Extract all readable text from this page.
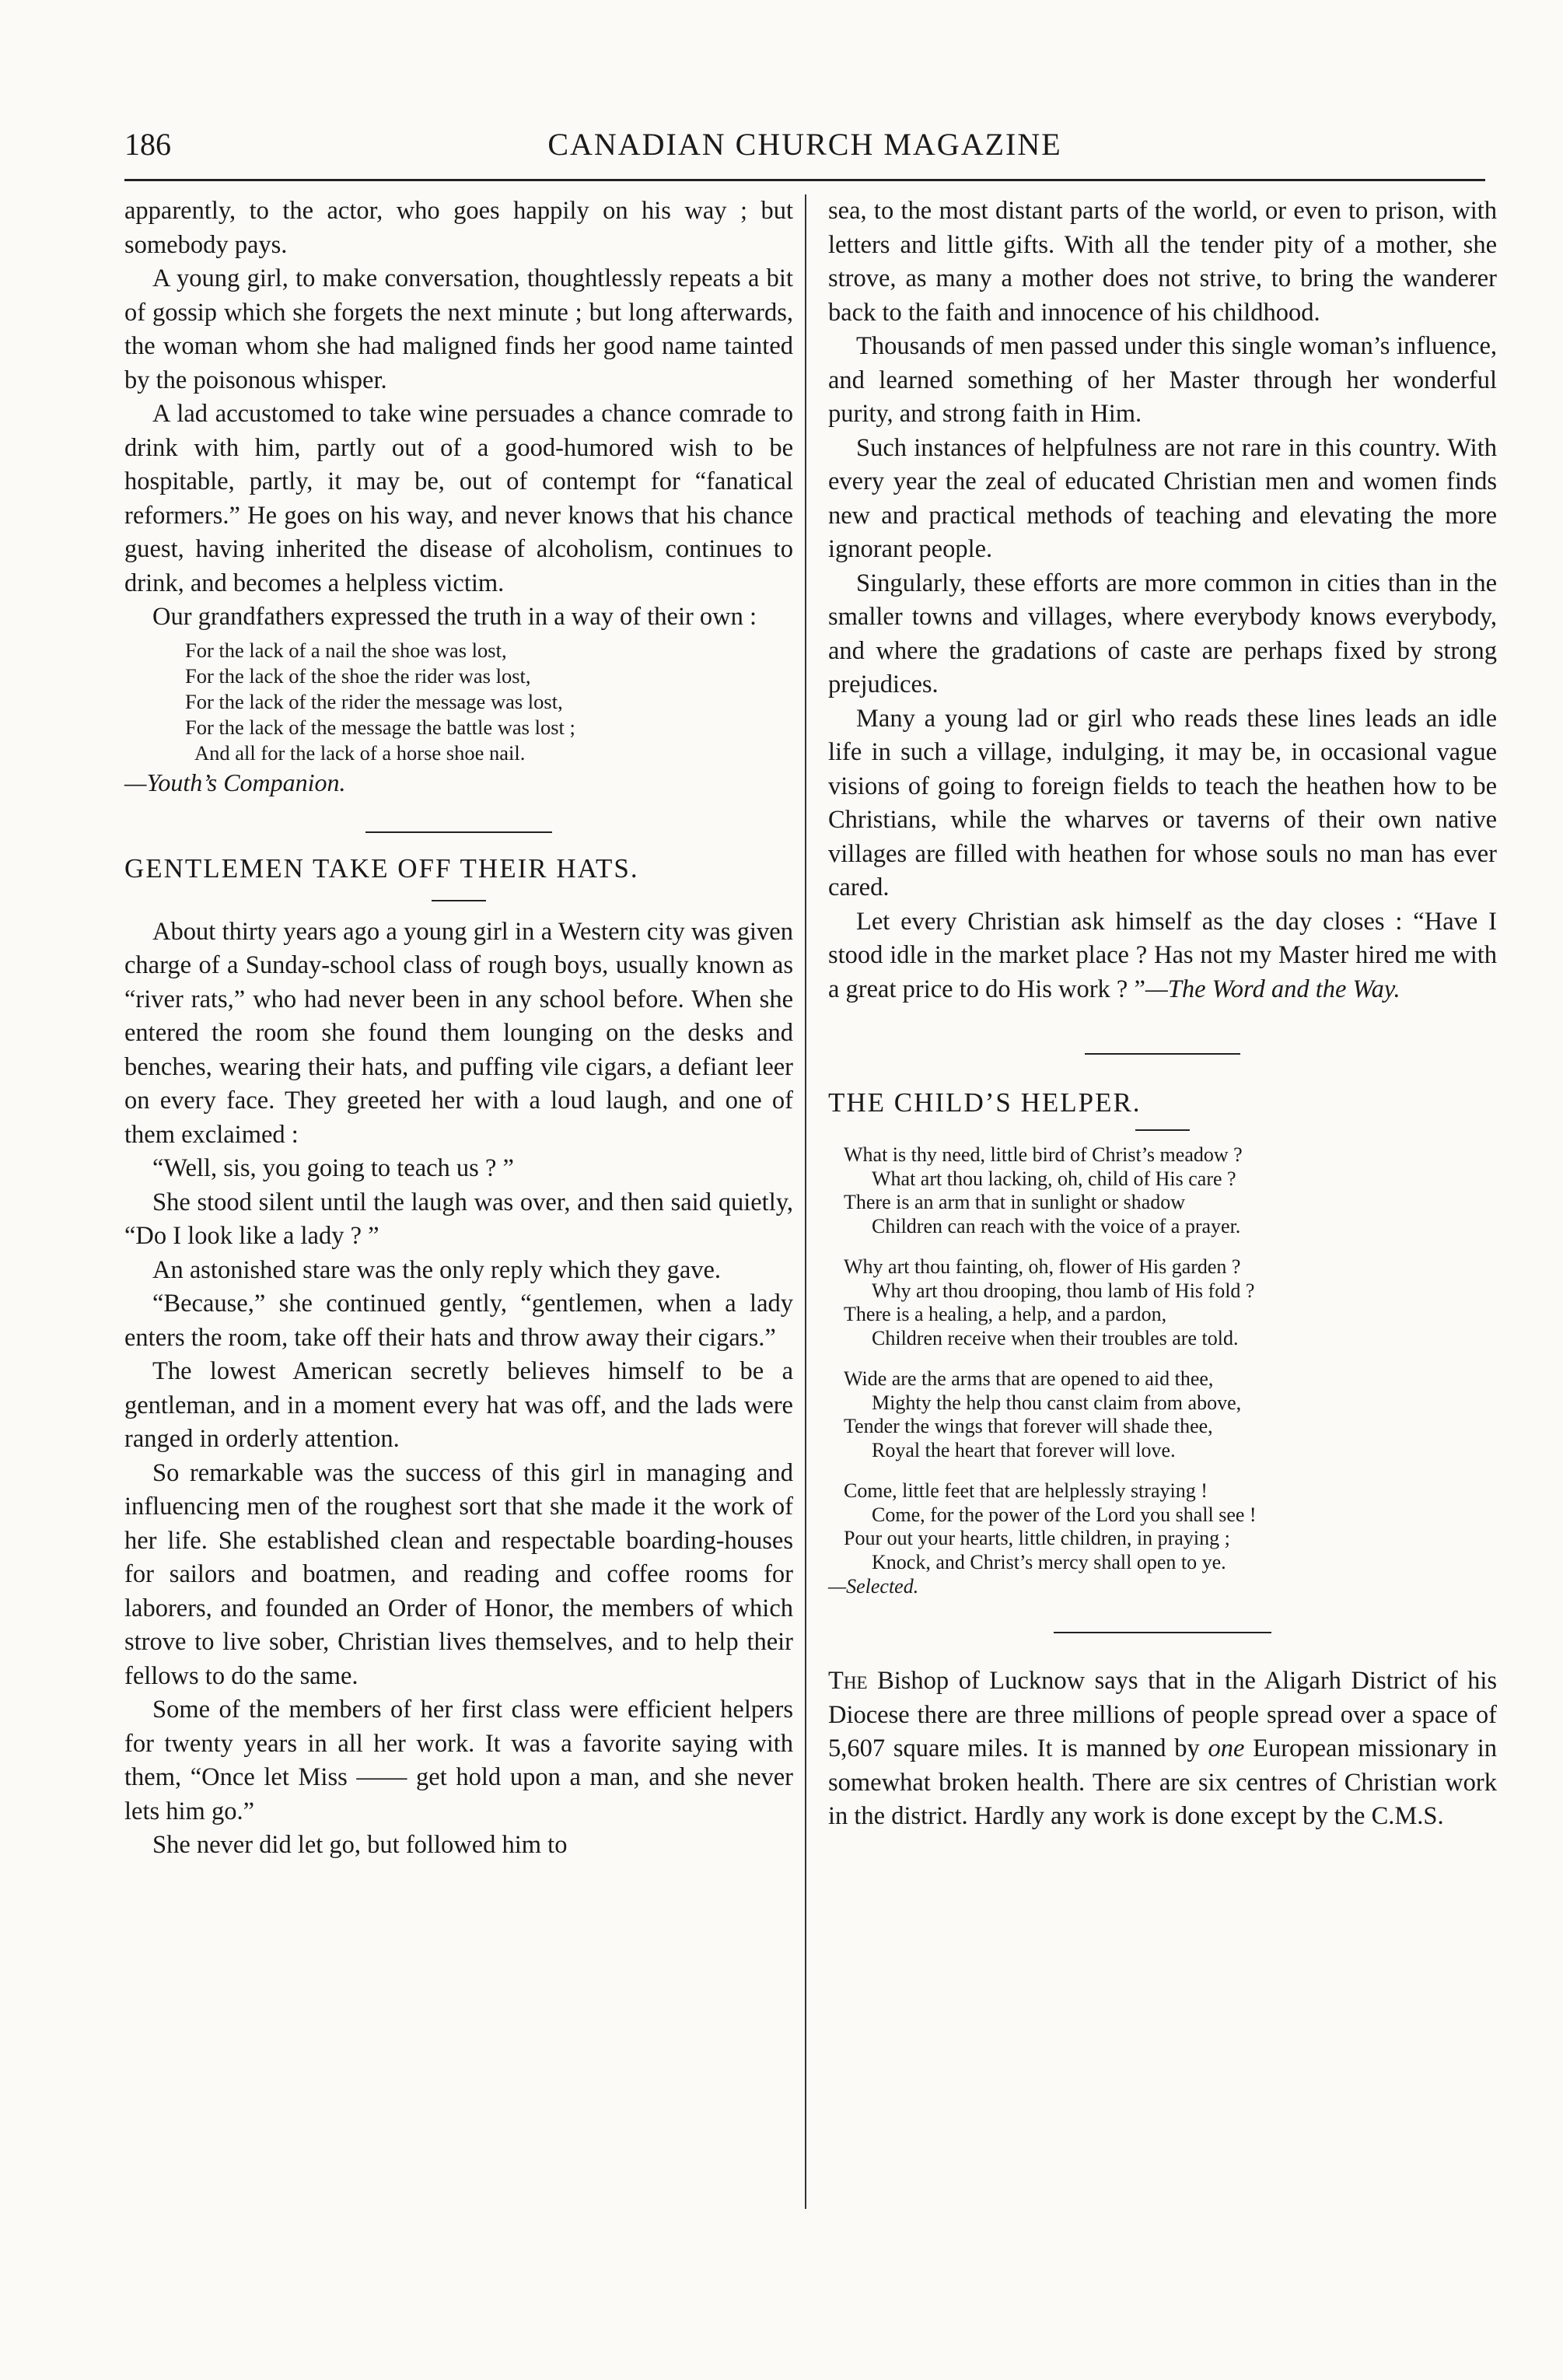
186	CANADIAN CHURCH MAGAZINE

apparently, to the actor, who goes happily on his way ; but somebody pays.

A young girl, to make conversation, thoughtlessly repeats a bit of gossip which she forgets the next minute ; but long afterwards, the woman whom she had maligned finds her good name tainted by the poisonous whisper.

A lad accustomed to take wine persuades a chance comrade to drink with him, partly out of a good-humored wish to be hospitable, partly, it may be, out of contempt for “fanatical reformers.” He goes on his way, and never knows that his chance guest, having inherited the disease of alcoholism, continues to drink, and becomes a helpless victim.

Our grandfathers expressed the truth in a way of their own :

For the lack of a nail the shoe was lost,
For the lack of the shoe the rider was lost,
For the lack of the rider the message was lost,
For the lack of the message the battle was lost ;
And all for the lack of a horse shoe nail.

—Youth’s Companion.

GENTLEMEN TAKE OFF THEIR HATS.

About thirty years ago a young girl in a Western city was given charge of a Sunday-school class of rough boys, usually known as “river rats,” who had never been in any school before. When she entered the room she found them lounging on the desks and benches, wearing their hats, and puffing vile cigars, a defiant leer on every face. They greeted her with a loud laugh, and one of them exclaimed :

“Well, sis, you going to teach us ? ”

She stood silent until the laugh was over, and then said quietly, “Do I look like a lady ? ”

An astonished stare was the only reply which they gave.

“Because,” she continued gently, “gentlemen, when a lady enters the room, take off their hats and throw away their cigars.”

The lowest American secretly believes himself to be a gentleman, and in a moment every hat was off, and the lads were ranged in orderly attention.

So remarkable was the success of this girl in managing and influencing men of the roughest sort that she made it the work of her life. She established clean and respectable boarding-houses for sailors and boatmen, and reading and coffee rooms for laborers, and founded an Order of Honor, the members of which strove to live sober, Christian lives themselves, and to help their fellows to do the same.

Some of the members of her first class were efficient helpers for twenty years in all her work. It was a favorite saying with them, “Once let Miss —— get hold upon a man, and she never lets him go.”

She never did let go, but followed him to

sea, to the most distant parts of the world, or even to prison, with letters and little gifts. With all the tender pity of a mother, she strove, as many a mother does not strive, to bring the wanderer back to the faith and innocence of his childhood.

Thousands of men passed under this single woman’s influence, and learned something of her Master through her wonderful purity, and strong faith in Him.

Such instances of helpfulness are not rare in this country. With every year the zeal of educated Christian men and women finds new and practical methods of teaching and elevating the more ignorant people.

Singularly, these efforts are more common in cities than in the smaller towns and villages, where everybody knows everybody, and where the gradations of caste are perhaps fixed by strong prejudices.

Many a young lad or girl who reads these lines leads an idle life in such a village, indulging, it may be, in occasional vague visions of going to foreign fields to teach the heathen how to be Christians, while the wharves or taverns of their own native villages are filled with heathen for whose souls no man has ever cared.

Let every Christian ask himself as the day closes : “Have I stood idle in the market place ? Has not my Master hired me with a great price to do His work ? ”—The Word and the Way.

THE CHILD’S HELPER.

What is thy need, little bird of Christ’s meadow ?
What art thou lacking, oh, child of His care ?
There is an arm that in sunlight or shadow
Children can reach with the voice of a prayer.
Why art thou fainting, oh, flower of His garden ?
Why art thou drooping, thou lamb of His fold ?
There is a healing, a help, and a pardon,
Children receive when their troubles are told.
Wide are the arms that are opened to aid thee,
Mighty the help thou canst claim from above,
Tender the wings that forever will shade thee,
Royal the heart that forever will love.
Come, little feet that are helplessly straying !
Come, for the power of the Lord you shall see !
Pour out your hearts, little children, in praying ;
Knock, and Christ’s mercy shall open to ye.

—Selected.

The Bishop of Lucknow says that in the Aligarh District of his Diocese there are three millions of people spread over a space of 5,607 square miles. It is manned by one European missionary in somewhat broken health. There are six centres of Christian work in the district. Hardly any work is done except by the C.M.S.
